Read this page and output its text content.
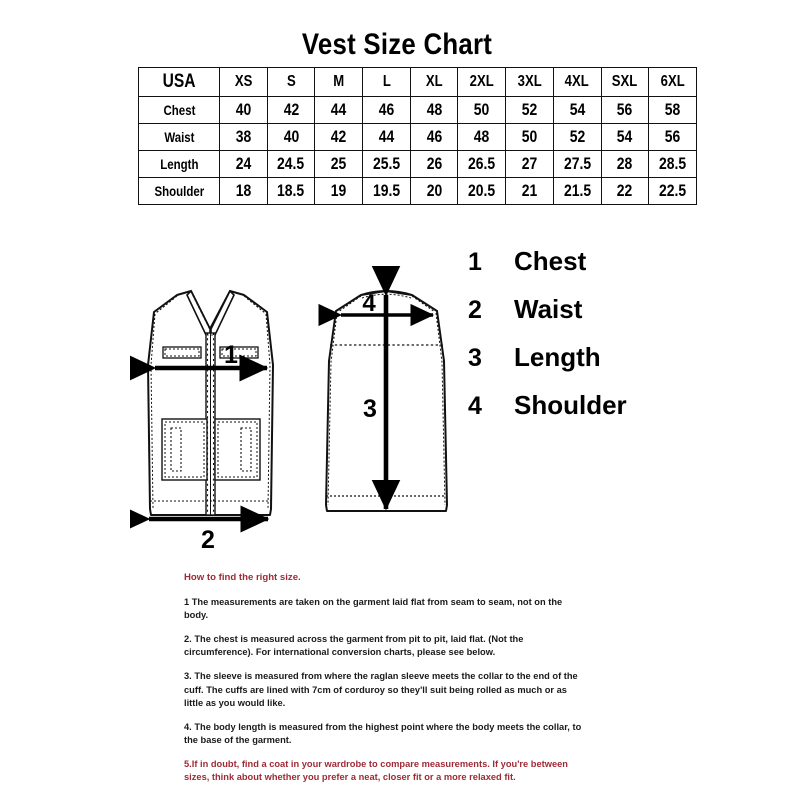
Vest Size Chart
USA	XS	S	M	L	XL	2XL	3XL	4XL	SXL	6XL
Chest	40	42	44	46	48	50	52	54	56	58
Waist	38	40	42	44	46	48	50	52	54	56
Length	24	24.5	25	25.5	26	26.5	27	27.5	28	28.5
Shoulder	18	18.5	19	19.5	20	20.5	21	21.5	22	22.5
1
2
4
3
1	Chest
2	Waist
3	Length
4	Shoulder
How to find the right size.

1 The measurements are taken on the garment laid flat from seam to seam, not on the body.

2. The chest is measured across the garment from pit to pit, laid flat. (Not the circumference). For international conversion charts, please see below.

3. The sleeve is measured from where the raglan sleeve meets the collar to the end of the cuff. The cuffs are lined with 7cm of corduroy so they'll suit being rolled as much or as little as you would like.

4. The body length is measured from the highest point where the body meets the collar, to the base of the garment.

5.If in doubt, find a coat in your wardrobe to compare measurements. If you're between sizes, think about whether you prefer a neat, closer fit or a more relaxed fit.
